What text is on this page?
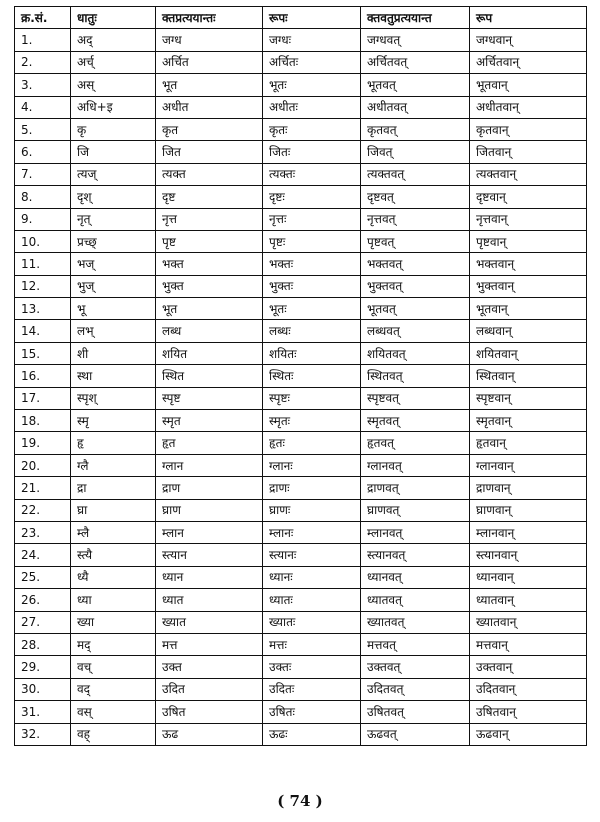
क्र.सं.	धातुः	क्तप्रत्ययान्तः	रूपः	क्तवतुप्रत्ययान्त	रूप
1.	अद्	जग्ध	जग्धः	जग्धवत्	जग्धवान्
2.	अर्च्	अर्चित	अर्चितः	अर्चितवत्	अर्चितवान्
3.	अस्	भूत	भूतः	भूतवत्	भूतवान्
4.	अधि+इ	अधीत	अधीतः	अधीतवत्	अधीतवान्
5.	कृ	कृत	कृतः	कृतवत्	कृतवान्
6.	जि	जित	जितः	जिवत्	जितवान्
7.	त्यज्	त्यक्त	त्यक्तः	त्यक्तवत्	त्यक्तवान्
8.	दृश्	दृष्ट	दृष्टः	दृष्टवत्	दृष्टवान्
9.	नृत्	नृत्त	नृत्तः	नृत्तवत्	नृत्तवान्
10.	प्रच्छ्	पृष्ट	पृष्टः	पृष्टवत्	पृष्टवान्
11.	भज्	भक्त	भक्तः	भक्तवत्	भक्तवान्
12.	भुज्	भुक्त	भुक्तः	भुक्तवत्	भुक्तवान्
13.	भू	भूत	भूतः	भूतवत्	भूतवान्
14.	लभ्	लब्ध	लब्धः	लब्धवत्	लब्धवान्
15.	शी	शयित	शयितः	शयितवत्	शयितवान्
16.	स्था	स्थित	स्थितः	स्थितवत्	स्थितवान्
17.	स्पृश्	स्पृष्ट	स्पृष्टः	स्पृष्टवत्	स्पृष्टवान्
18.	स्मृ	स्मृत	स्मृतः	स्मृतवत्	स्मृतवान्
19.	हृ	हृत	हृतः	हृतवत्	हृतवान्
20.	ग्लै	ग्लान	ग्लानः	ग्लानवत्	ग्लानवान्
21.	द्रा	द्राण	द्राणः	द्राणवत्	द्राणवान्
22.	घ्रा	घ्राण	घ्राणः	घ्राणवत्	घ्राणवान्
23.	म्लै	म्लान	म्लानः	म्लानवत्	म्लानवान्
24.	स्त्यै	स्त्यान	स्त्यानः	स्त्यानवत्	स्त्यानवान्
25.	ध्यै	ध्यान	ध्यानः	ध्यानवत्	ध्यानवान्
26.	ध्या	ध्यात	ध्यातः	ध्यातवत्	ध्यातवान्
27.	ख्या	ख्यात	ख्यातः	ख्यातवत्	ख्यातवान्
28.	मद्	मत्त	मत्तः	मत्तवत्	मत्तवान्
29.	वच्	उक्त	उक्तः	उक्तवत्	उक्तवान्
30.	वद्	उदित	उदितः	उदितवत्	उदितवान्
31.	वस्	उषित	उषितः	उषितवत्	उषितवान्
32.	वह्	ऊढ	ऊढः	ऊढवत्	ऊढवान्
( 74 )
